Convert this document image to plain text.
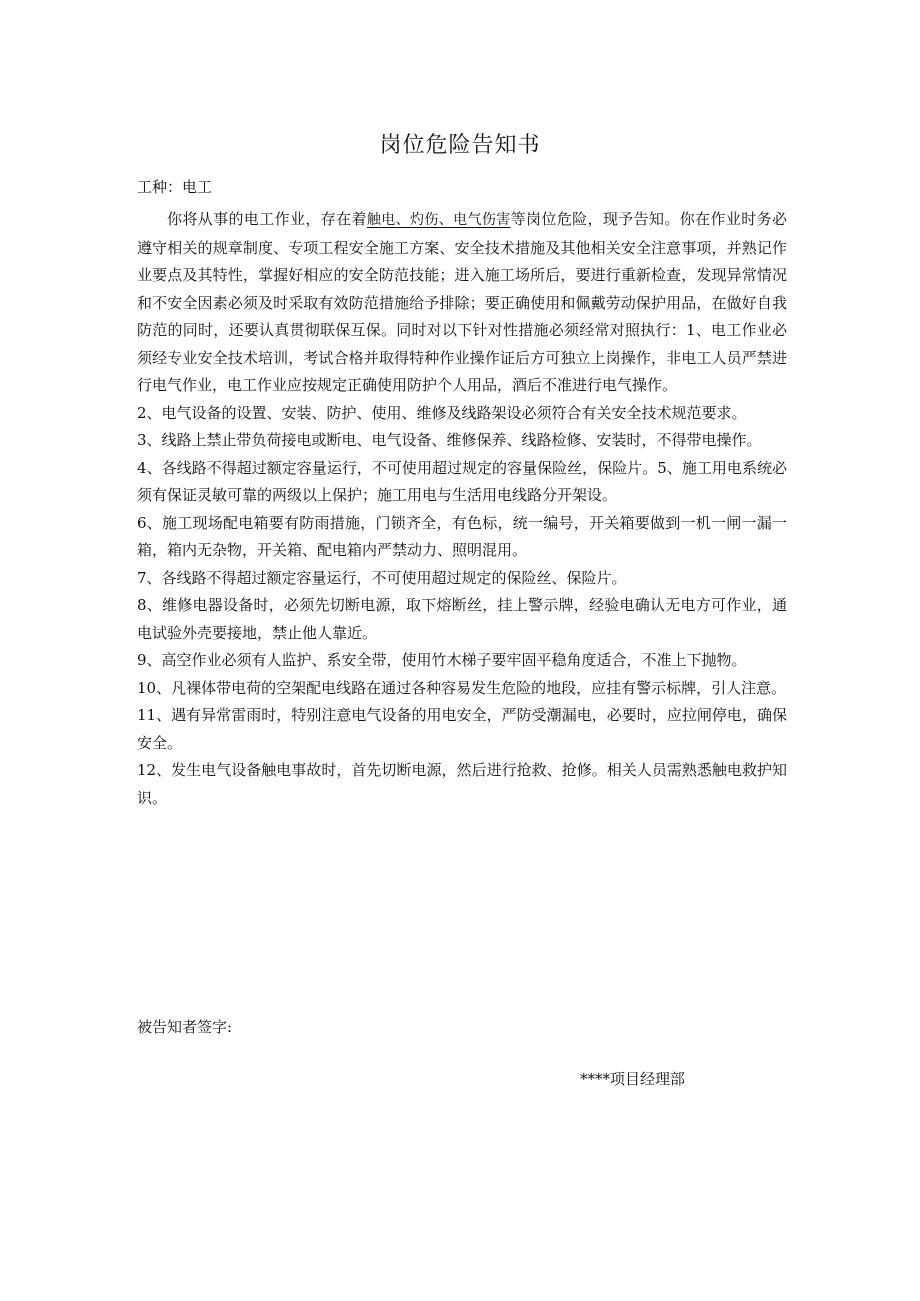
岗位危险告知书
工种：电工

你将从事的电工作业，存在着触电、灼伤、电气伤害等岗位危险，现予告知。你在作业时务必遵守相关的规章制度、专项工程安全施工方案、安全技术措施及其他相关安全注意事项，并熟记作业要点及其特性，掌握好相应的安全防范技能；进入施工场所后，要进行重新检查，发现异常情况和不安全因素必须及时采取有效防范措施给予排除；要正确使用和佩戴劳动保护用品，在做好自我防范的同时，还要认真贯彻联保互保。同时对以下针对性措施必须经常对照执行：1、电工作业必须经专业安全技术培训，考试合格并取得特种作业操作证后方可独立上岗操作，非电工人员严禁进行电气作业，电工作业应按规定正确使用防护个人用品，酒后不准进行电气操作。

2、电气设备的设置、安装、防护、使用、维修及线路架设必须符合有关安全技术规范要求。

3、线路上禁止带负荷接电或断电、电气设备、维修保养、线路检修、安装时，不得带电操作。

4、各线路不得超过额定容量运行，不可使用超过规定的容量保险丝，保险片。5、施工用电系统必须有保证灵敏可靠的两级以上保护；施工用电与生活用电线路分开架设。

6、施工现场配电箱要有防雨措施，门锁齐全，有色标，统一编号，开关箱要做到一机一闸一漏一箱，箱内无杂物，开关箱、配电箱内严禁动力、照明混用。

7、各线路不得超过额定容量运行，不可使用超过规定的保险丝、保险片。

8、维修电器设备时，必须先切断电源，取下熔断丝，挂上警示牌，经验电确认无电方可作业，通电试验外壳要接地，禁止他人靠近。

9、高空作业必须有人监护、系安全带，使用竹木梯子要牢固平稳角度适合，不准上下抛物。

10、凡裸体带电荷的空架配电线路在通过各种容易发生危险的地段，应挂有警示标牌，引人注意。

11、遇有异常雷雨时，特别注意电气设备的用电安全，严防受潮漏电，必要时，应拉闸停电，确保安全。

12、发生电气设备触电事故时，首先切断电源，然后进行抢救、抢修。相关人员需熟悉触电救护知识。

被告知者签字:
****项目经理部
